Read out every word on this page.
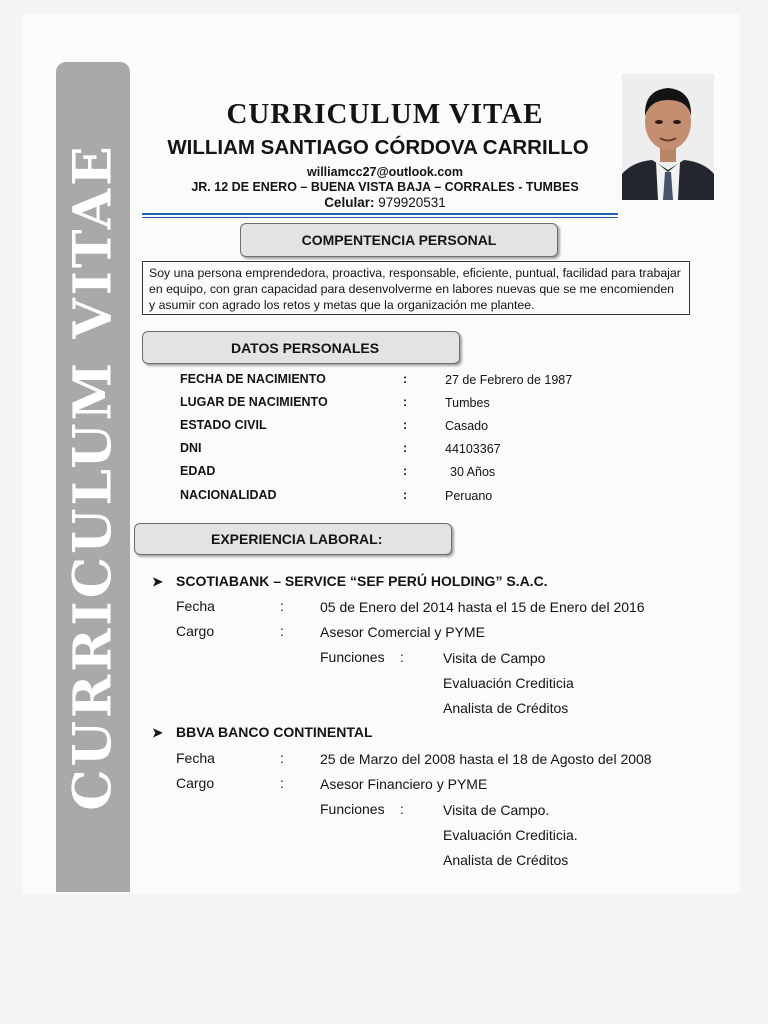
CURRICULUM VITAE
CURRICULUM VITAE
WILLIAM SANTIAGO CÓRDOVA CARRILLO
williamcc27@outlook.com
JR. 12 DE ENERO – BUENA VISTA BAJA – CORRALES - TUMBES
Celular: 979920531
COMPENTENCIA PERSONAL
Soy una persona emprendedora, proactiva, responsable, eficiente, puntual, facilidad para trabajar en equipo, con gran capacidad para desenvolverme en labores nuevas que se me encomienden y asumir con agrado los retos y metas que la organización me plantee.
DATOS PERSONALES
FECHA DE NACIMIENTO	:	27 de Febrero de 1987
LUGAR DE NACIMIENTO	:	Tumbes
ESTADO CIVIL	:	Casado
DNI	:	44103367
EDAD	:	30 Años
NACIONALIDAD	:	Peruano
EXPERIENCIA LABORAL:
➤ SCOTIABANK – SERVICE “SEF PERÚ HOLDING” S.A.C.
Fecha	:	05 de Enero del 2014 hasta el 15 de Enero del 2016
Cargo	:	Asesor Comercial y PYME
Funciones :	Visita de Campo
Evaluación Crediticia
Analista de Créditos
➤ BBVA BANCO CONTINENTAL
Fecha	:	25 de Marzo del 2008 hasta el 18 de Agosto del 2008
Cargo	:	Asesor Financiero y PYME
Funciones :	Visita de Campo.
Evaluación Crediticia.
Analista de Créditos
